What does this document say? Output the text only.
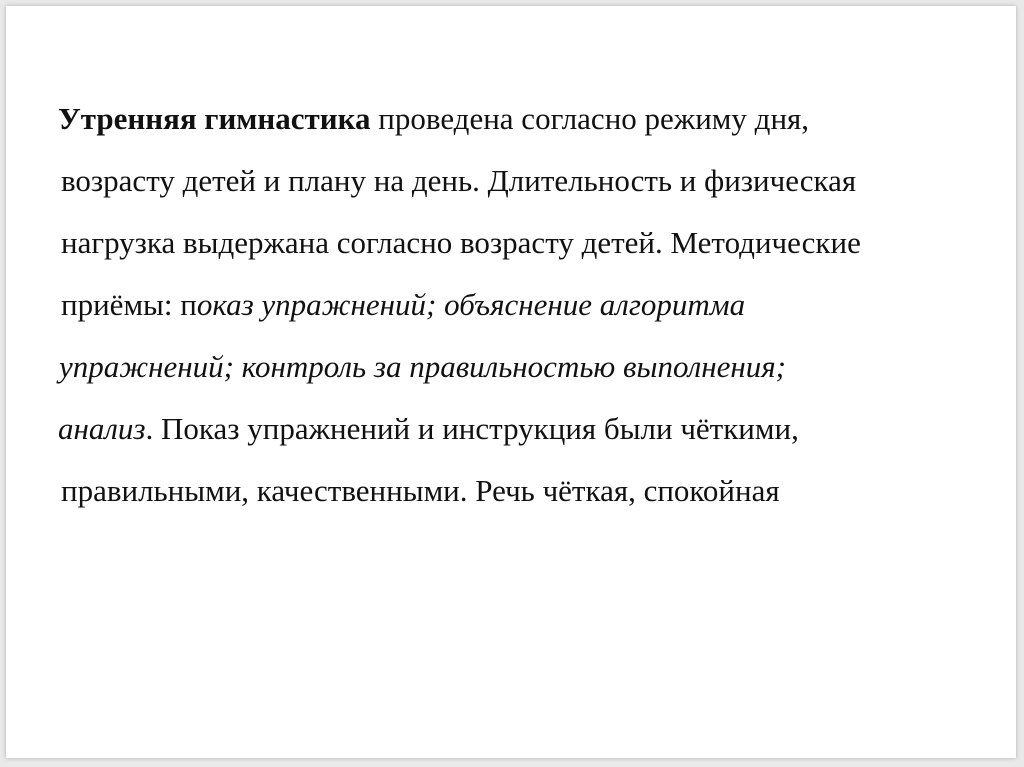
Утренняя гимнастика проведена согласно режиму дня,
возрасту детей и плану на день. Длительность и физическая
нагрузка выдержана согласно возрасту детей. Методические
приёмы: показ упражнений; объяснение алгоритма
упражнений; контроль за правильностью выполнения;
анализ. Показ упражнений и инструкция были чёткими,
правильными, качественными. Речь чёткая, спокойная
